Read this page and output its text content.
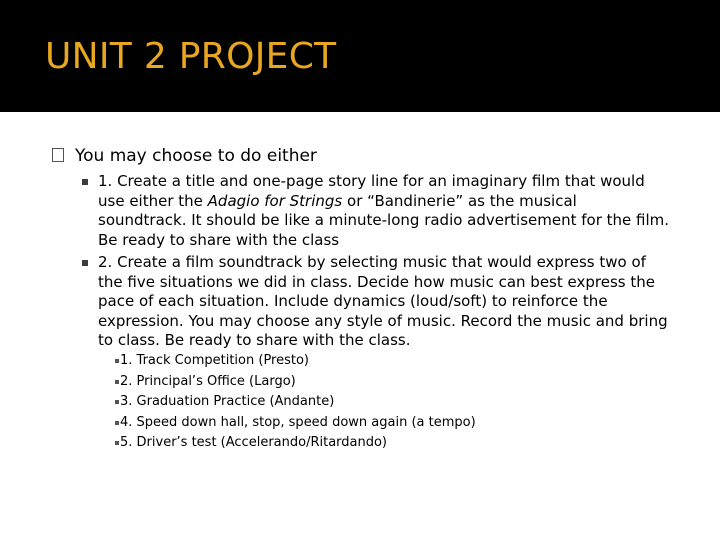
UNIT 2 PROJECT
You may choose to do either
1. Create a title and one-page story line for an imaginary film that would use either the Adagio for Strings or “Bandinerie” as the musical soundtrack. It should be like a minute-long radio advertisement for the film. Be ready to share with the class
2. Create a film soundtrack by selecting music that would express two of the five situations we did in class. Decide how music can best express the pace of each situation. Include dynamics (loud/soft) to reinforce the expression. You may choose any style of music. Record the music and bring to class. Be ready to share with the class.
1. Track Competition (Presto)
2. Principal’s Office (Largo)
3. Graduation Practice (Andante)
4. Speed down hall, stop, speed down again (a tempo)
5. Driver’s test (Accelerando/Ritardando)
